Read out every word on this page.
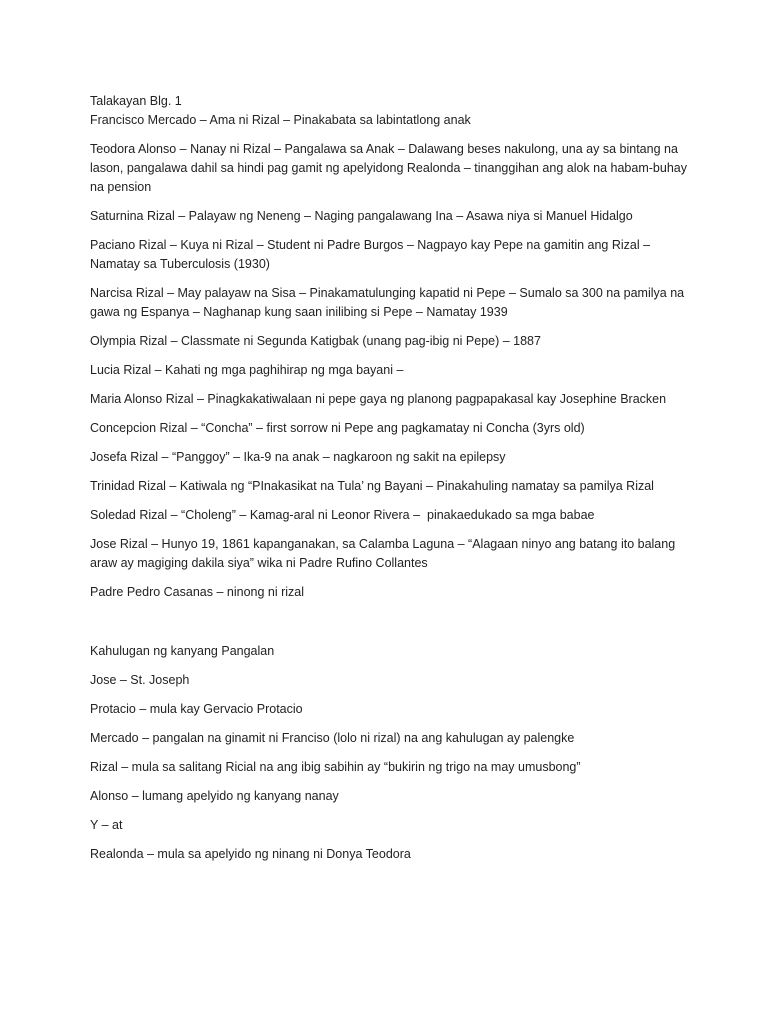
Talakayan Blg. 1

Francisco Mercado – Ama ni Rizal – Pinakabata sa labintatlong anak

Teodora Alonso – Nanay ni Rizal – Pangalawa sa Anak – Dalawang beses nakulong, una ay sa bintang na lason, pangalawa dahil sa hindi pag gamit ng apelyidong Realonda – tinanggihan ang alok na habam-buhay na pension

Saturnina Rizal – Palayaw ng Neneng – Naging pangalawang Ina – Asawa niya si Manuel Hidalgo

Paciano Rizal – Kuya ni Rizal – Student ni Padre Burgos – Nagpayo kay Pepe na gamitin ang Rizal – Namatay sa Tuberculosis (1930)

Narcisa Rizal – May palayaw na Sisa – Pinakamatulunging kapatid ni Pepe – Sumalo sa 300 na pamilya na gawa ng Espanya – Naghanap kung saan inilibing si Pepe – Namatay 1939

Olympia Rizal – Classmate ni Segunda Katigbak (unang pag-ibig ni Pepe) – 1887

Lucia Rizal – Kahati ng mga paghihirap ng mga bayani –

Maria Alonso Rizal – Pinagkakatiwalaan ni pepe gaya ng planong pagpapakasal kay Josephine Bracken

Concepcion Rizal – “Concha” – first sorrow ni Pepe ang pagkamatay ni Concha (3yrs old)

Josefa Rizal – “Panggoy” – Ika-9 na anak – nagkaroon ng sakit na epilepsy

Trinidad Rizal – Katiwala ng “PInakasikat na Tula’ ng Bayani – Pinakahuling namatay sa pamilya Rizal

Soledad Rizal – “Choleng” – Kamag-aral ni Leonor Rivera –  pinakaedukado sa mga babae

Jose Rizal – Hunyo 19, 1861 kapanganakan, sa Calamba Laguna – “Alagaan ninyo ang batang ito balang araw ay magiging dakila siya” wika ni Padre Rufino Collantes

Padre Pedro Casanas – ninong ni rizal

Kahulugan ng kanyang Pangalan

Jose – St. Joseph

Protacio – mula kay Gervacio Protacio

Mercado – pangalan na ginamit ni Franciso (lolo ni rizal) na ang kahulugan ay palengke

Rizal – mula sa salitang Ricial na ang ibig sabihin ay “bukirin ng trigo na may umusbong”

Alonso – lumang apelyido ng kanyang nanay

Y – at

Realonda – mula sa apelyido ng ninang ni Donya Teodora
